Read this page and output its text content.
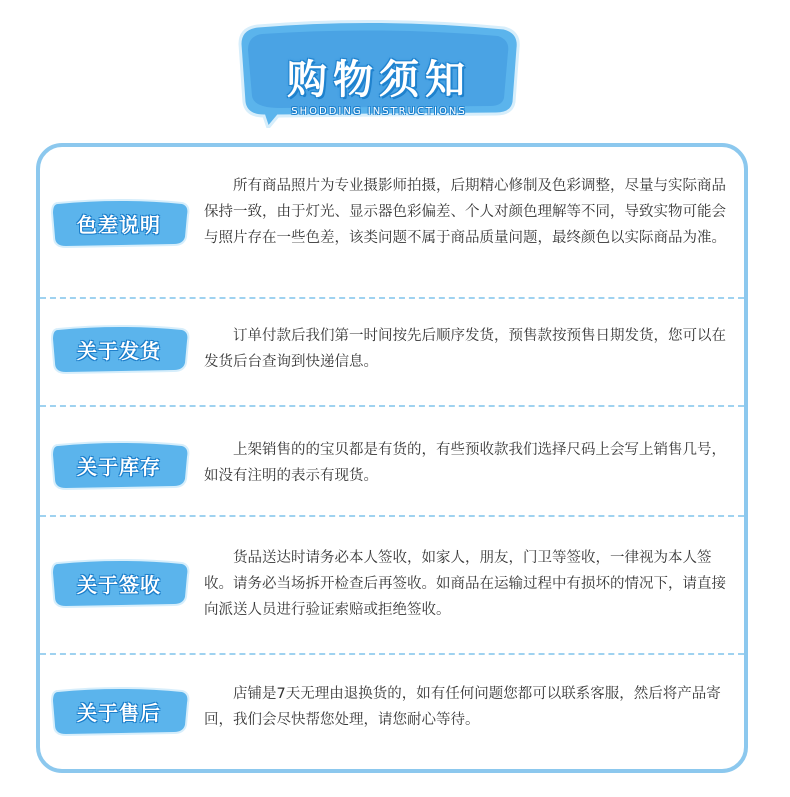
购物须知
SHODDING INSTRUCTIONS
色差说明
所有商品照片为专业摄影师拍摄，后期精心修制及色彩调整，尽量与实际商品保持一致，由于灯光、显示器色彩偏差、个人对颜色理解等不同，导致实物可能会与照片存在一些色差，该类问题不属于商品质量问题，最终颜色以实际商品为准。
关于发货
订单付款后我们第一时间按先后顺序发货，预售款按预售日期发货，您可以在发货后台查询到快递信息。
关于库存
上架销售的的宝贝都是有货的，有些预收款我们选择尺码上会写上销售几号，如没有注明的表示有现货。
关于签收
货品送达时请务必本人签收，如家人，朋友，门卫等签收，一律视为本人签收。请务必当场拆开检查后再签收。如商品在运输过程中有损坏的情况下，请直接向派送人员进行验证索赔或拒绝签收。
关于售后
店铺是7天无理由退换货的，如有任何问题您都可以联系客服，然后将产品寄回，我们会尽快帮您处理，请您耐心等待。
